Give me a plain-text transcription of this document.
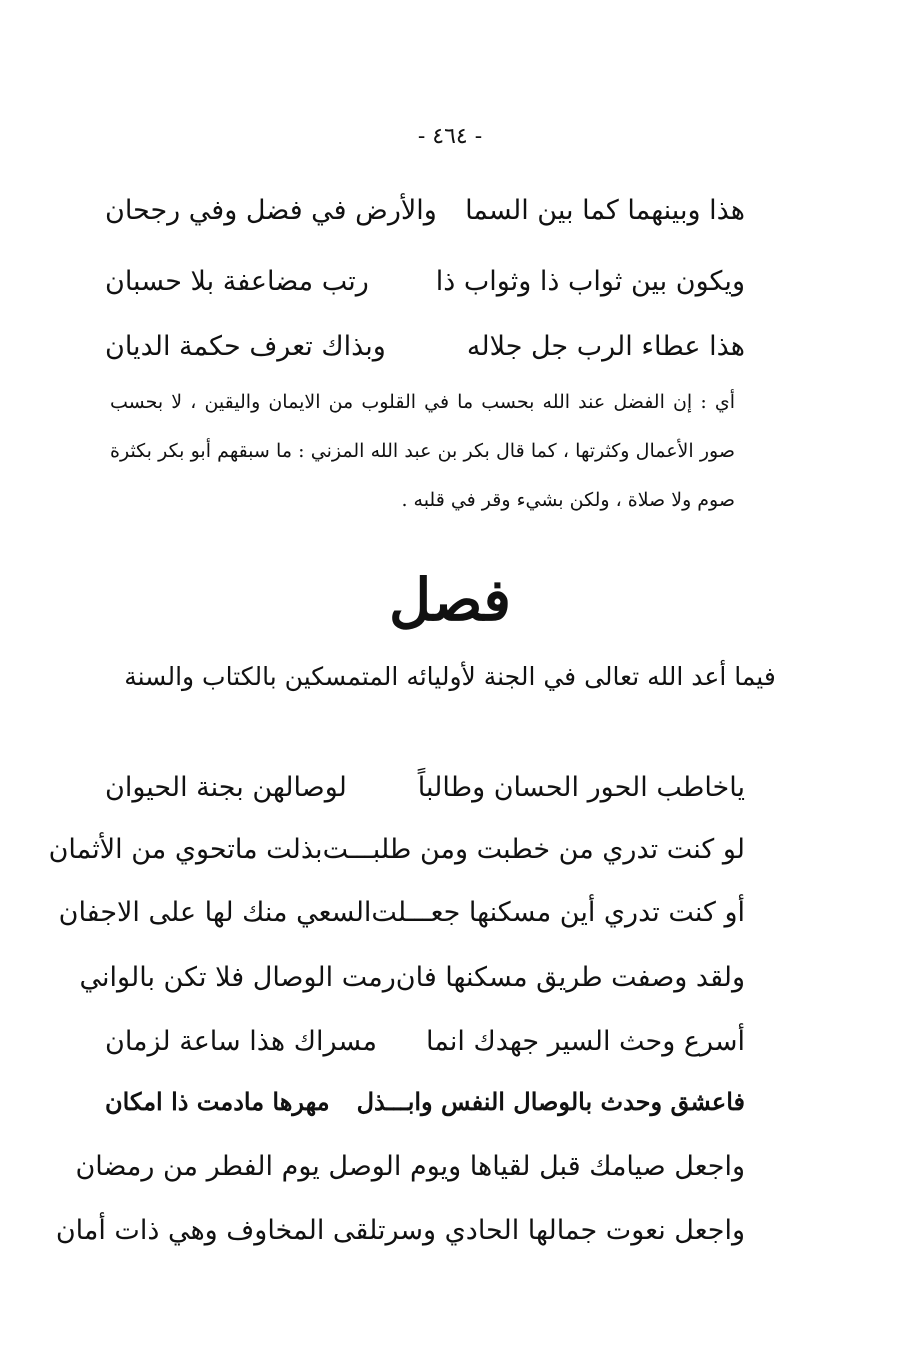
- ٤٦٤ -
هذا وبينهما كما بين السما
والأرض في فضل وفي رجحان
ويكون بين ثواب ذا وثواب ذا
رتب مضاعفة بلا حسبان
هذا عطاء الرب جل جلاله
وبذاك تعرف حكمة الديان
أي : إن الفضل عند الله بحسب ما في القلوب من الايمان واليقين ، لا بحسب صور الأعمال وكثرتها ، كما قال بكر بن عبد الله المزني : ما سبقهم أبو بكر بكثرة صوم ولا صلاة ، ولكن بشيء وقر في قلبه .
فصل
فيما أعد الله تعالى في الجنة لأوليائه المتمسكين بالكتاب والسنة
ياخاطب الحور الحسان وطالباً
لوصالهن بجنة الحيوان
لو كنت تدري من خطبت ومن طلبـــت
بذلت ماتحوي من الأثمان
أو كنت تدري أين مسكنها جعـــلت
السعي منك لها على الاجفان
ولقد وصفت طريق مسكنها فان
رمت الوصال فلا تكن بالواني
أسرع وحث السير جهدك انما
مسراك هذا ساعة لزمان
فاعشق وحدث بالوصال النفس وابـــذل
مهرها مادمت ذا امكان
واجعل صيامك قبل لقياها ويو
م الوصل يوم الفطر من رمضان
واجعل نعوت جمالها الحادي وسر
تلقى المخاوف وهي ذات أمان
